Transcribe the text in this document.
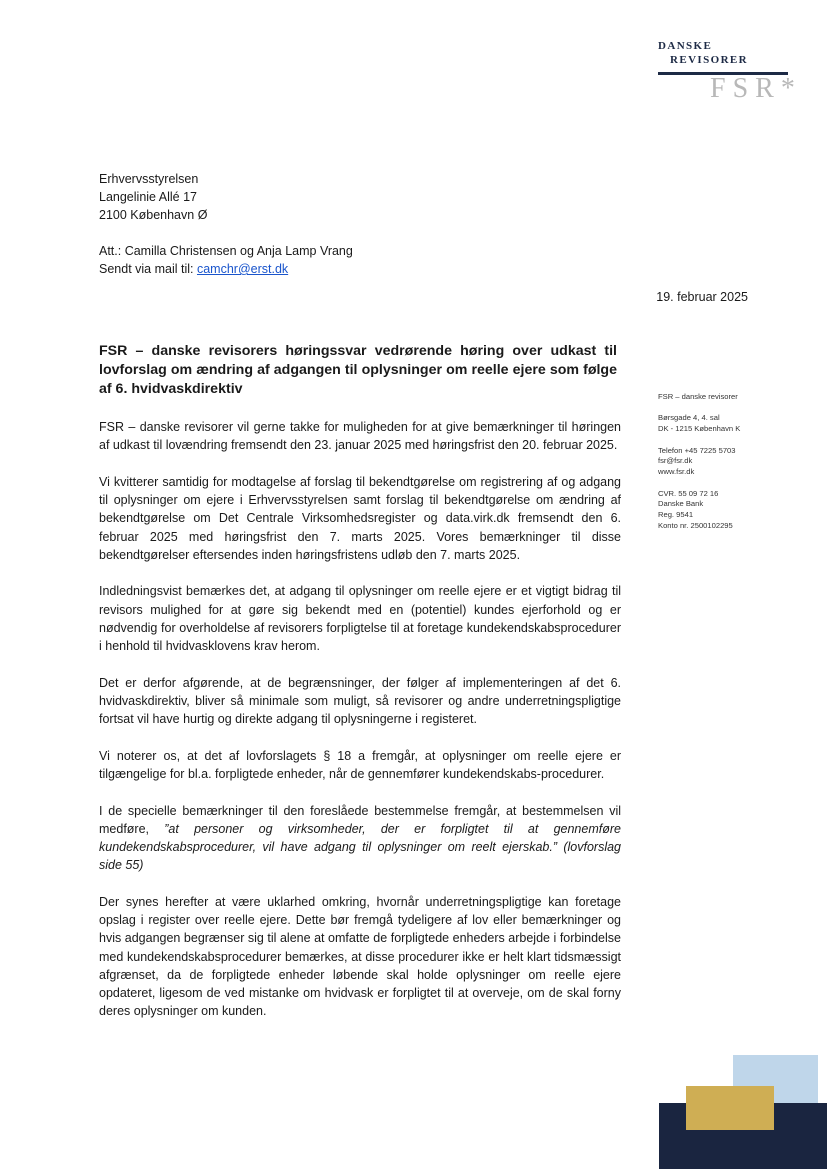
DANSKE
REVISORER
FSR*
Erhvervsstyrelsen
Langelinie Allé 17
2100 København Ø
Att.: Camilla Christensen og Anja Lamp Vrang
Sendt via mail til: camchr@erst.dk
19. februar 2025
FSR – danske revisorers høringssvar vedrørende høring over udkast til lovforslag om ændring af adgangen til oplysninger om reelle ejere som følge af 6. hvidvaskdirektiv

FSR – danske revisorer vil gerne takke for muligheden for at give bemærkninger til høringen af udkast til lovændring fremsendt den 23. januar 2025 med høringsfrist den 20. februar 2025.

Vi kvitterer samtidig for modtagelse af forslag til bekendtgørelse om registrering af og adgang til oplysninger om ejere i Erhvervsstyrelsen samt forslag til bekendtgørelse om ændring af bekendtgørelse om Det Centrale Virksomhedsregister og data.virk.dk fremsendt den 6. februar 2025 med høringsfrist den 7. marts 2025. Vores bemærkninger til disse bekendtgørelser eftersendes inden høringsfristens udløb den 7. marts 2025.

Indledningsvist bemærkes det, at adgang til oplysninger om reelle ejere er et vigtigt bidrag til revisors mulighed for at gøre sig bekendt med en (potentiel) kundes ejerforhold og er nødvendig for overholdelse af revisorers forpligtelse til at foretage kundekendskabsprocedurer i henhold til hvidvasklovens krav herom.

Det er derfor afgørende, at de begrænsninger, der følger af implementeringen af det 6. hvidvaskdirektiv, bliver så minimale som muligt, så revisorer og andre underretningspligtige fortsat vil have hurtig og direkte adgang til oplysningerne i registeret.

Vi noterer os, at det af lovforslagets § 18 a fremgår, at oplysninger om reelle ejere er tilgængelige for bl.a. forpligtede enheder, når de gennemfører kundekendskabs-procedurer.

I de specielle bemærkninger til den foreslåede bestemmelse fremgår, at bestemmelsen vil medføre, ”at personer og virksomheder, der er forpligtet til at gennemføre kundekendskabsprocedurer, vil have adgang til oplysninger om reelt ejerskab.” (lovforslag side 55)

Der synes herefter at være uklarhed omkring, hvornår underretningspligtige kan foretage opslag i register over reelle ejere. Dette bør fremgå tydeligere af lov eller bemærkninger og hvis adgangen begrænser sig til alene at omfatte de forpligtede enheders arbejde i forbindelse med kundekendskabsprocedurer bemærkes, at disse procedurer ikke er helt klart tidsmæssigt afgrænset, da de forpligtede enheder løbende skal holde oplysninger om reelle ejere opdateret, ligesom de ved mistanke om hvidvask er forpligtet til at overveje, om de skal forny deres oplysninger om kunden.

FSR – danske revisorer
Børsgade 4, 4. sal
DK - 1215 København K
Telefon +45 7225 5703
fsr@fsr.dk
www.fsr.dk
CVR. 55 09 72 16
Danske Bank
Reg. 9541
Konto nr. 2500102295
